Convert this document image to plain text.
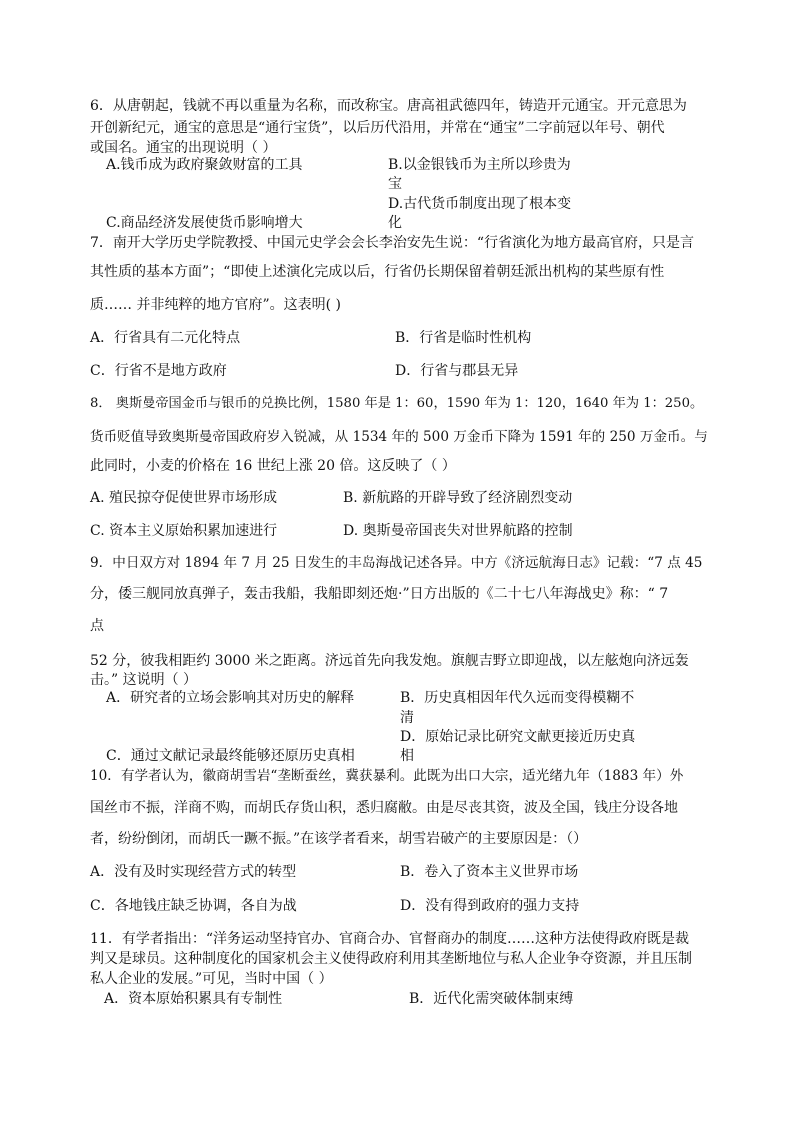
6．从唐朝起，钱就不再以重量为名称，而改称宝。唐高祖武德四年，铸造开元通宝。开元意思为
开创新纪元，通宝的意思是“通行宝货”，以后历代沿用，并常在“通宝”二字前冠以年号、朝代
或国名。通宝的出现说明（ ）
A.钱币成为政府聚敛财富的工具	B.以金银钱币为主所以珍贵为
宝
D.古代货币制度出现了根本变
C.商品经济发展使货币影响增大	化
7．南开大学历史学院教授、中国元史学会会长李治安先生说：“行省演化为地方最高官府，只是言
其性质的基本方面”；“即使上述演化完成以后，行省仍长期保留着朝廷派出机构的某些原有性
质…… 并非纯粹的地方官府”。这表明( )
A．行省具有二元化特点	B．行省是临时性机构
C．行省不是地方政府	D．行省与郡县无异
8． 奥斯曼帝国金币与银币的兑换比例，1580 年是 1：60，1590 年为 1：120，1640 年为 1：250。
货币贬值导致奥斯曼帝国政府岁入锐减，从 1534 年的 500 万金币下降为 1591 年的 250 万金币。与
此同时，小麦的价格在 16 世纪上涨 20 倍。这反映了（ ）
A. 殖民掠夺促使世界市场形成	B. 新航路的开辟导致了经济剧烈变动
C. 资本主义原始积累加速进行	D. 奥斯曼帝国丧失对世界航路的控制
9．中日双方对 1894 年 7 月 25 日发生的丰岛海战记述各异。中方《济远航海日志》记载：“7 点 45
分，倭三舰同放真弹子，轰击我船，我船即刻还炮·”日方出版的《二十七八年海战史》称：“ 7
点
52 分，彼我相距约 3000 米之距离。济远首先向我发炮。旗舰吉野立即迎战，以左舷炮向济远轰
击。” 这说明（ ）
A．研究者的立场会影响其对历史的解释	B．历史真相因年代久远而变得模糊不
清
D．原始记录比研究文献更接近历史真
C．通过文献记录最终能够还原历史真相	相
10．有学者认为，徽商胡雪岩“垄断蚕丝，冀获暴利。此既为出口大宗，适光绪九年（1883 年）外
国丝市不振，洋商不购，而胡氏存货山积，悉归腐敝。由是尽丧其资，波及全国，钱庄分设各地
者，纷纷倒闭，而胡氏一蹶不振。”在该学者看来，胡雪岩破产的主要原因是：（）
A．没有及时实现经营方式的转型	B．卷入了资本主义世界市场
C．各地钱庄缺乏协调，各自为战	D．没有得到政府的强力支持
11．有学者指出：“洋务运动坚持官办、官商合办、官督商办的制度……这种方法使得政府既是裁
判又是球员。这种制度化的国家机会主义使得政府利用其垄断地位与私人企业争夺资源，并且压制
私人企业的发展。”可见，当时中国（ ）
A．资本原始积累具有专制性	B．近代化需突破体制束缚
